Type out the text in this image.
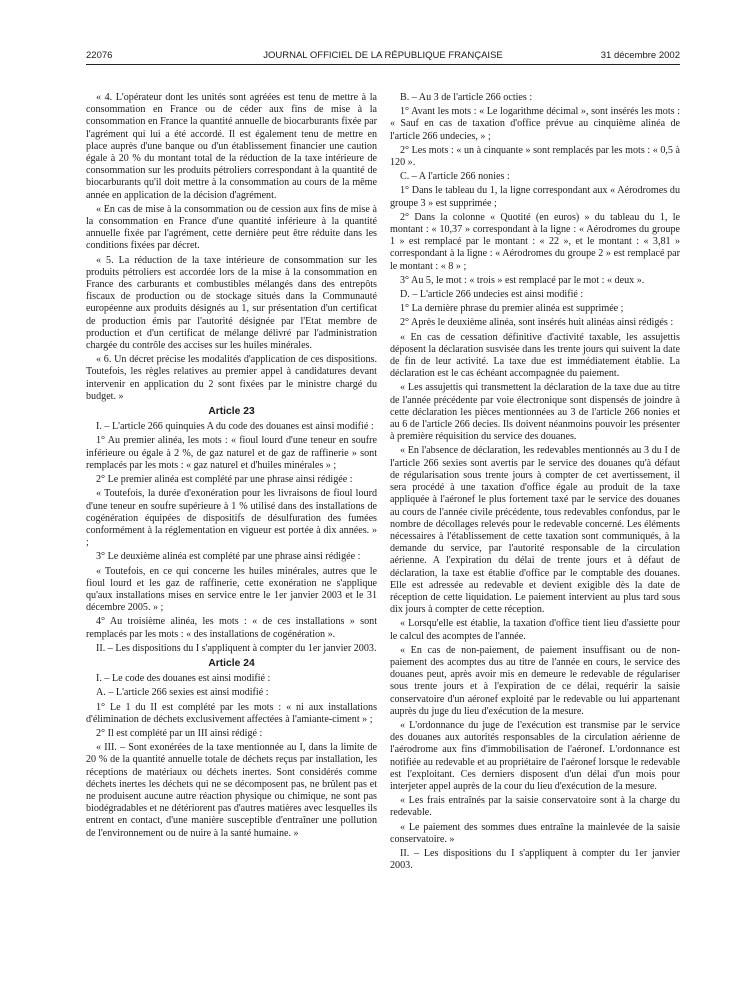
22076	JOURNAL OFFICIEL DE LA RÉPUBLIQUE FRANÇAISE	31 décembre 2002

« 4. L'opérateur dont les unités sont agréées est tenu de mettre à la consommation en France ou de céder aux fins de mise à la consommation en France la quantité annuelle de biocarburants fixée par l'agrément qui lui a été accordé. Il est également tenu de mettre en place auprès d'une banque ou d'un établissement financier une caution égale à 20 % du montant total de la réduction de la taxe intérieure de consommation sur les produits pétroliers correspondant à la quantité de biocarburants qu'il doit mettre à la consommation au cours de la même année en application de la décision d'agrément.

« En cas de mise à la consommation ou de cession aux fins de mise à la consommation en France d'une quantité inférieure à la quantité annuelle fixée par l'agrément, cette dernière peut être réduite dans les conditions fixées par décret.

« 5. La réduction de la taxe intérieure de consommation sur les produits pétroliers est accordée lors de la mise à la consommation en France des carburants et combustibles mélangés dans des entrepôts fiscaux de production ou de stockage situés dans la Communauté européenne aux produits désignés au 1, sur présentation d'un certificat de production émis par l'autorité désignée par l'Etat membre de production et d'un certificat de mélange délivré par l'administration chargée du contrôle des accises sur les huiles minérales.

« 6. Un décret précise les modalités d'application de ces dispositions. Toutefois, les règles relatives au premier appel à candidatures devant intervenir en application du 2 sont fixées par le ministre chargé du budget. »

Article 23

I. – L'article 266 quinquies A du code des douanes est ainsi modifié :

1° Au premier alinéa, les mots : « fioul lourd d'une teneur en soufre inférieure ou égale à 2 %, de gaz naturel et de gaz de raffinerie » sont remplacés par les mots : « gaz naturel et d'huiles minérales » ;

2° Le premier alinéa est complété par une phrase ainsi rédigée :

« Toutefois, la durée d'exonération pour les livraisons de fioul lourd d'une teneur en soufre supérieure à 1 % utilisé dans des installations de cogénération équipées de dispositifs de désulfuration des fumées conformément à la réglementation en vigueur est portée à dix années. » ;

3° Le deuxième alinéa est complété par une phrase ainsi rédigée :

« Toutefois, en ce qui concerne les huiles minérales, autres que le fioul lourd et les gaz de raffinerie, cette exonération ne s'applique qu'aux installations mises en service entre le 1er janvier 2003 et le 31 décembre 2005. » ;

4° Au troisième alinéa, les mots : « de ces installations » sont remplacés par les mots : « des installations de cogénération ».

II. – Les dispositions du I s'appliquent à compter du 1er janvier 2003.

Article 24

I. – Le code des douanes est ainsi modifié :

A. – L'article 266 sexies est ainsi modifié :

1° Le 1 du II est complété par les mots : « ni aux installations d'élimination de déchets exclusivement affectées à l'amiante-ciment » ;

2° Il est complété par un III ainsi rédigé :

« III. – Sont exonérées de la taxe mentionnée au I, dans la limite de 20 % de la quantité annuelle totale de déchets reçus par installation, les réceptions de matériaux ou déchets inertes. Sont considérés comme déchets inertes les déchets qui ne se décomposent pas, ne brûlent pas et ne produisent aucune autre réaction physique ou chimique, ne sont pas biodégradables et ne détériorent pas d'autres matières avec lesquelles ils entrent en contact, d'une manière susceptible d'entraîner une pollution de l'environnement ou de nuire à la santé humaine. »

B. – Au 3 de l'article 266 octies :

1° Avant les mots : « Le logarithme décimal », sont insérés les mots : « Sauf en cas de taxation d'office prévue au cinquième alinéa de l'article 266 undecies, » ;

2° Les mots : « un à cinquante » sont remplacés par les mots : « 0,5 à 120 ».

C. – A l'article 266 nonies :

1° Dans le tableau du 1, la ligne correspondant aux « Aérodromes du groupe 3 » est supprimée ;

2° Dans la colonne « Quotité (en euros) » du tableau du 1, le montant : « 10,37 » correspondant à la ligne : « Aérodromes du groupe 1 » est remplacé par le montant : « 22 », et le montant : « 3,81 » correspondant à la ligne : « Aérodromes du groupe 2 » est remplacé par le montant : « 8 » ;

3° Au 5, le mot : « trois » est remplacé par le mot : « deux ».

D. – L'article 266 undecies est ainsi modifié :

1° La dernière phrase du premier alinéa est supprimée ;

2° Après le deuxième alinéa, sont insérés huit alinéas ainsi rédigés :

« En cas de cessation définitive d'activité taxable, les assujettis déposent la déclaration susvisée dans les trente jours qui suivent la date de fin de leur activité. La taxe due est immédiatement établie. La déclaration est le cas échéant accompagnée du paiement.

« Les assujettis qui transmettent la déclaration de la taxe due au titre de l'année précédente par voie électronique sont dispensés de joindre à cette déclaration les pièces mentionnées au 3 de l'article 266 nonies et au 6 de l'article 266 decies. Ils doivent néanmoins pouvoir les présenter à première réquisition du service des douanes.

« En l'absence de déclaration, les redevables mentionnés au 3 du I de l'article 266 sexies sont avertis par le service des douanes qu'à défaut de régularisation sous trente jours à compter de cet avertissement, il sera procédé à une taxation d'office égale au produit de la taxe appliquée à l'aéronef le plus fortement taxé par le service des douanes au cours de l'année civile précédente, tous redevables confondus, par le nombre de décollages relevés pour le redevable concerné. Les éléments nécessaires à l'établissement de cette taxation sont communiqués, à la demande du service, par l'autorité responsable de la circulation aérienne. A l'expiration du délai de trente jours et à défaut de déclaration, la taxe est établie d'office par le comptable des douanes. Elle est adressée au redevable et devient exigible dès la date de réception de cette liquidation. Le paiement intervient au plus tard sous dix jours à compter de cette réception.

« Lorsqu'elle est établie, la taxation d'office tient lieu d'assiette pour le calcul des acomptes de l'année.

« En cas de non-paiement, de paiement insuffisant ou de non-paiement des acomptes dus au titre de l'année en cours, le service des douanes peut, après avoir mis en demeure le redevable de régulariser sous trente jours et à l'expiration de ce délai, requérir la saisie conservatoire d'un aéronef exploité par le redevable ou lui appartenant auprès du juge du lieu d'exécution de la mesure.

« L'ordonnance du juge de l'exécution est transmise par le service des douanes aux autorités responsables de la circulation aérienne de l'aérodrome aux fins d'immobilisation de l'aéronef. L'ordonnance est notifiée au redevable et au propriétaire de l'aéronef lorsque le redevable est l'exploitant. Ces derniers disposent d'un délai d'un mois pour interjeter appel auprès de la cour du lieu d'exécution de la mesure.

« Les frais entraînés par la saisie conservatoire sont à la charge du redevable.

« Le paiement des sommes dues entraîne la mainlevée de la saisie conservatoire. »

II. – Les dispositions du I s'appliquent à compter du 1er janvier 2003.
